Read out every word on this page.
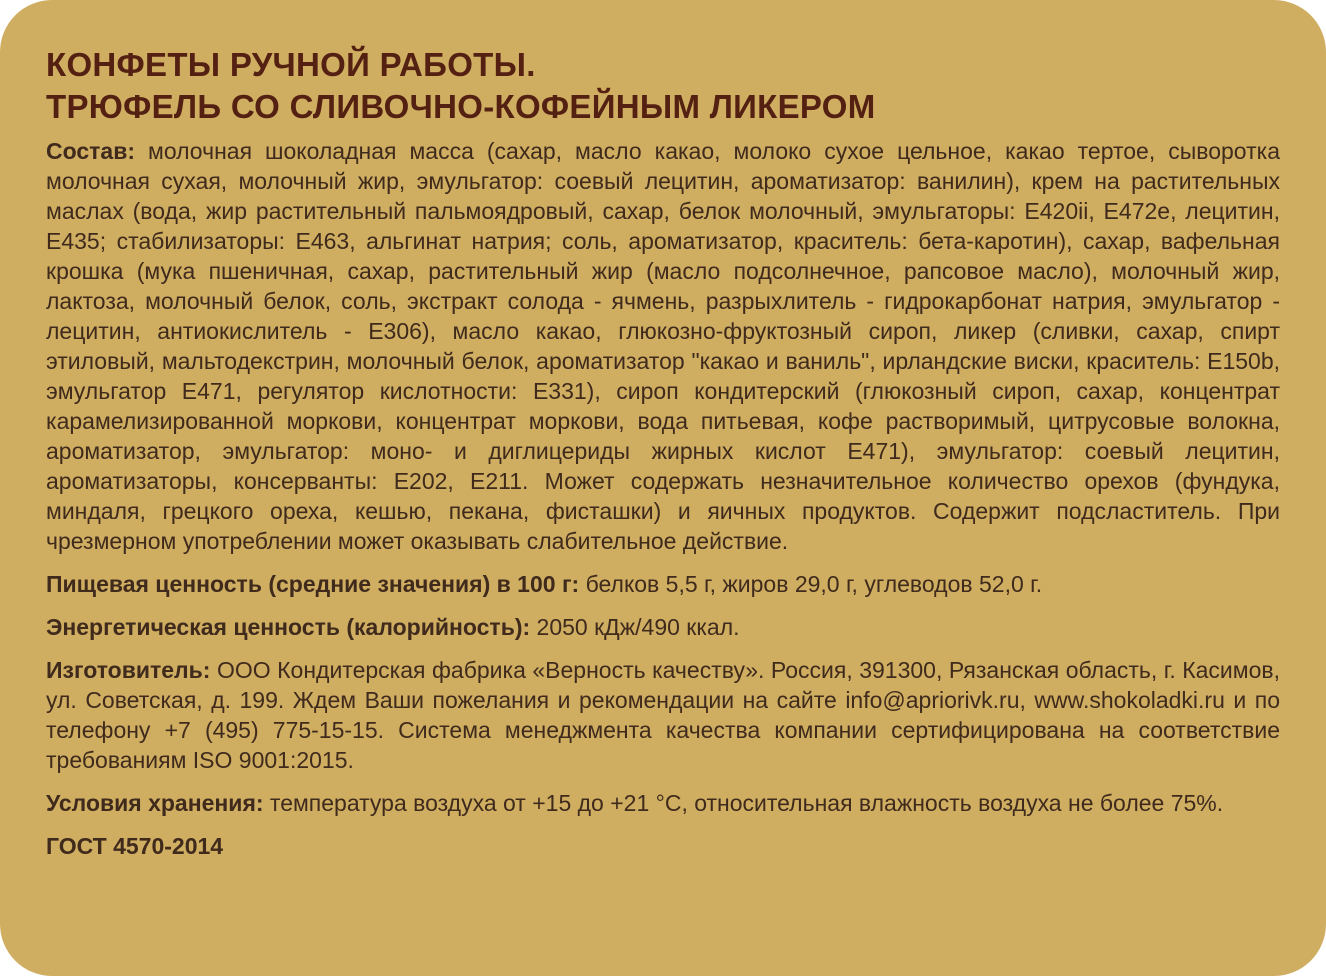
КОНФЕТЫ РУЧНОЙ РАБОТЫ.
ТРЮФЕЛЬ СО СЛИВОЧНО-КОФЕЙНЫМ ЛИКЕРОМ

Состав: молочная шоколадная масса (сахар, масло какао, молоко сухое цельное, какао тертое, сыворотка молочная сухая, молочный жир, эмульгатор: соевый лецитин, ароматизатор: ванилин), крем на растительных маслах (вода, жир растительный пальмоядровый, сахар, белок молочный, эмульгаторы: Е420ii, Е472е, лецитин, Е435; стабилизаторы: Е463, альгинат натрия; соль, ароматизатор, краситель: бета-каротин), сахар, вафельная крошка (мука пшеничная, сахар, растительный жир (масло подсолнечное, рапсовое масло), молочный жир, лактоза, молочный белок, соль, экстракт солода - ячмень, разрыхлитель - гидрокарбонат натрия, эмульгатор - лецитин, антиокислитель - Е306), масло какао, глюкозно-фруктозный сироп, ликер (сливки, сахар, спирт этиловый, мальтодекстрин, молочный белок, ароматизатор "какао и ваниль", ирландские виски, краситель: Е150b, эмульгатор Е471, регулятор кислотности: Е331), сироп кондитерский (глюкозный сироп, сахар, концентрат карамелизированной моркови, концентрат моркови, вода питьевая, кофе растворимый, цитрусовые волокна, ароматизатор, эмульгатор: моно- и диглицериды жирных кислот Е471), эмульгатор: соевый лецитин, ароматизаторы, консерванты: Е202, Е211. Может содержать незначительное количество орехов (фундука, миндаля, грецкого ореха, кешью, пекана, фисташки) и яичных продуктов. Содержит подсластитель. При чрезмерном употреблении может оказывать слабительное действие.

Пищевая ценность (средние значения) в 100 г: белков 5,5 г, жиров 29,0 г, углеводов 52,0 г.

Энергетическая ценность (калорийность): 2050 кДж/490 ккал.

Изготовитель: ООО Кондитерская фабрика «Верность качеству». Россия, 391300, Рязанская область, г. Касимов, ул. Советская, д. 199. Ждем Ваши пожелания и рекомендации на сайте info@apriorivk.ru, www.shokoladki.ru и по телефону +7 (495) 775-15-15. Система менеджмента качества компании сертифицирована на соответствие требованиям ISO 9001:2015.

Условия хранения: температура воздуха от +15 до +21 °С, относительная влажность воздуха не более 75%.

ГОСТ 4570-2014
